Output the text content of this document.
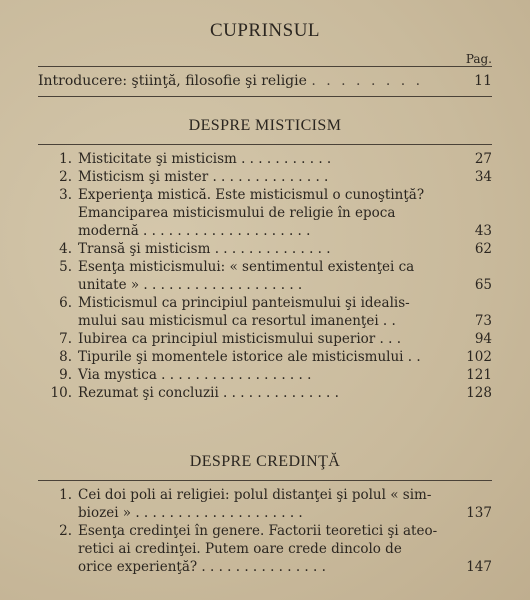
CUPRINSUL
Pag.
Introducere: ştiinţă, filosofie şi religie . . . . . . . .	11
DESPRE MISTICISM
1. Misticitate şi misticism . . . . . . . . . . .	27
2. Misticism şi mister . . . . . . . . . . . . . .	34
3. Experienţa mistică. Este misticismul o cunoştinţă?
Emanciparea misticismului de religie în epoca
modernă . . . . . . . . . . . . . . . . . . . .	43
4. Transă şi misticism . . . . . . . . . . . . . .	62
5. Esenţa misticismului: « sentimentul existenţei ca
unitate » . . . . . . . . . . . . . . . . . . .	65
6. Misticismul ca principiul panteismului şi idealis-
mului sau misticismul ca resortul imanenţei . .	73
7. Iubirea ca principiul misticismului superior . . .	94
8. Tipurile şi momentele istorice ale misticismului . .	102
9. Via mystica . . . . . . . . . . . . . . . . . .	121
10. Rezumat şi concluzii . . . . . . . . . . . . . .	128
DESPRE CREDINŢĂ
1. Cei doi poli ai religiei: polul distanţei şi polul « sim-
biozei » . . . . . . . . . . . . . . . . . . . .	137
2. Esenţa credinţei în genere. Factorii teoretici şi ateo-
retici ai credinţei. Putem oare crede dincolo de
orice experienţă? . . . . . . . . . . . . . . .	147
